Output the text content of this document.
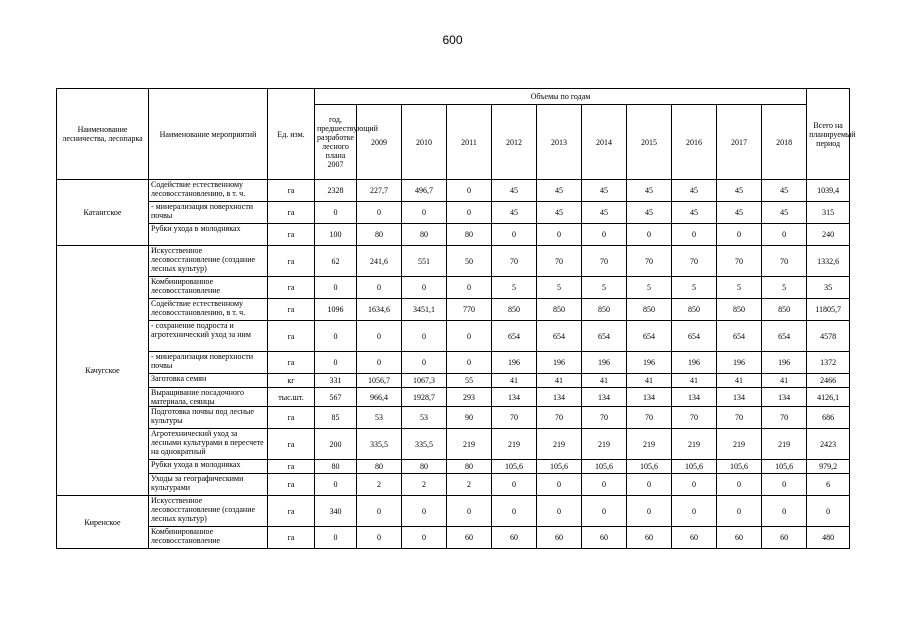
600
Наименование лесничества, лесопарка	Наименование мероприятий	Ед. изм.	Объемы по годам											Всего на планируемый период
			год, предшествующий разработке лесного плана 2007	2009	2010	2011	2012	2013	2014	2015	2016	2017	2018	
Катангское	Содействие естественному лесовосстановлению, в т. ч.	га	2328	227,7	496,7	0	45	45	45	45	45	45	45	1039,4
	- минерализация поверхности почвы	га	0	0	0	0	45	45	45	45	45	45	45	315
	Рубки ухода в молодняках	га	100	80	80	80	0	0	0	0	0	0	0	240
Качугское	Искусственное лесовосстановление (создание лесных культур)	га	62	241,6	551	50	70	70	70	70	70	70	70	1332,6
	Комбинированное лесовосстановление	га	0	0	0	0	5	5	5	5	5	5	5	35
	Содействие естественному лесовосстановлению, в т. ч.	га	1096	1634,6	3451,1	770	850	850	850	850	850	850	850	11805,7
	- сохранение подроста и агротехнический уход за ним	га	0	0	0	0	654	654	654	654	654	654	654	4578
	- минерализация поверхности почвы	га	0	0	0	0	196	196	196	196	196	196	196	1372
	Заготовка семян	кг	331	1056,7	1067,3	55	41	41	41	41	41	41	41	2466
	Выращивание посадочного материала, сеянцы	тыс.шт.	567	966,4	1928,7	293	134	134	134	134	134	134	134	4126,1
	Подготовка почвы под лесные культуры	га	85	53	53	90	70	70	70	70	70	70	70	686
	Агротехнический уход за лесными культурами в пересчете на однократный	га	200	335,5	335,5	219	219	219	219	219	219	219	219	2423
	Рубки ухода в молодняках	га	80	80	80	80	105,6	105,6	105,6	105,6	105,6	105,6	105,6	979,2
	Уходы за географическими культурами	га	0	2	2	2	0	0	0	0	0	0	0	6
Киренское	Искусственное лесовосстановление (создание лесных культур)	га	340	0	0	0	0	0	0	0	0	0	0	0
	Комбинированное лесовосстановление	га	0	0	0	60	60	60	60	60	60	60	60	480
